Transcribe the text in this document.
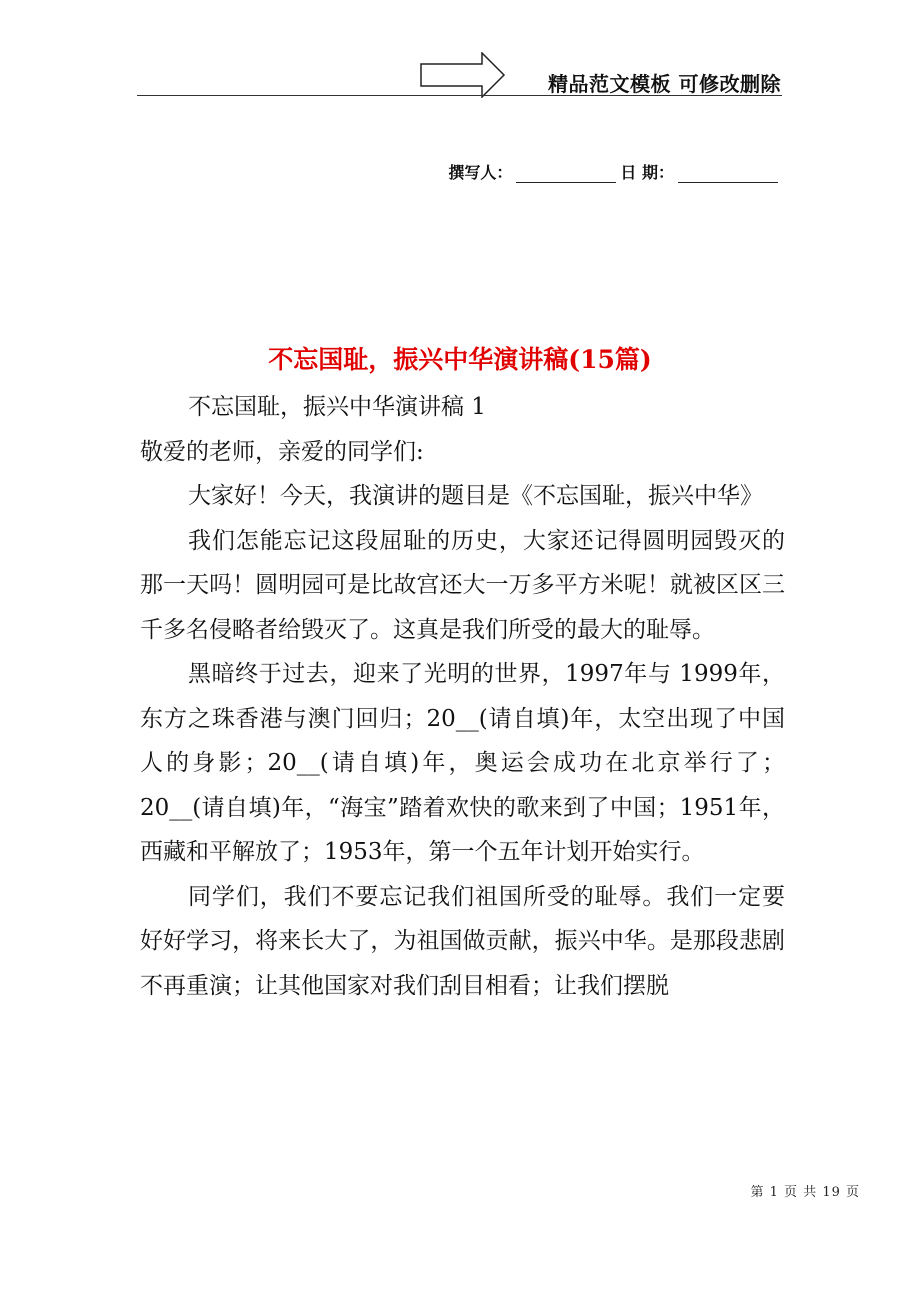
精品范文模板 可修改删除
撰写人：	日 期：
不忘国耻，振兴中华演讲稿(15篇)

不忘国耻，振兴中华演讲稿 1

敬爱的老师，亲爱的同学们:

大家好！今天，我演讲的题目是《不忘国耻，振兴中华》

我们怎能忘记这段屈耻的历史，大家还记得圆明园毁灭的那一天吗！圆明园可是比故宫还大一万多平方米呢！就被区区三千多名侵略者给毁灭了。这真是我们所受的最大的耻辱。

黑暗终于过去，迎来了光明的世界，1997年与 1999年，东方之珠香港与澳门回归；20__(请自填)年，太空出现了中国人的身影；20__(请自填)年，奥运会成功在北京举行了；20__(请自填)年，“海宝”踏着欢快的歌来到了中国；1951年，西藏和平解放了；1953年，第一个五年计划开始实行。

同学们，我们不要忘记我们祖国所受的耻辱。我们一定要好好学习，将来长大了，为祖国做贡献，振兴中华。是那段悲剧不再重演；让其他国家对我们刮目相看；让我们摆脱

第 1 页 共 19 页
